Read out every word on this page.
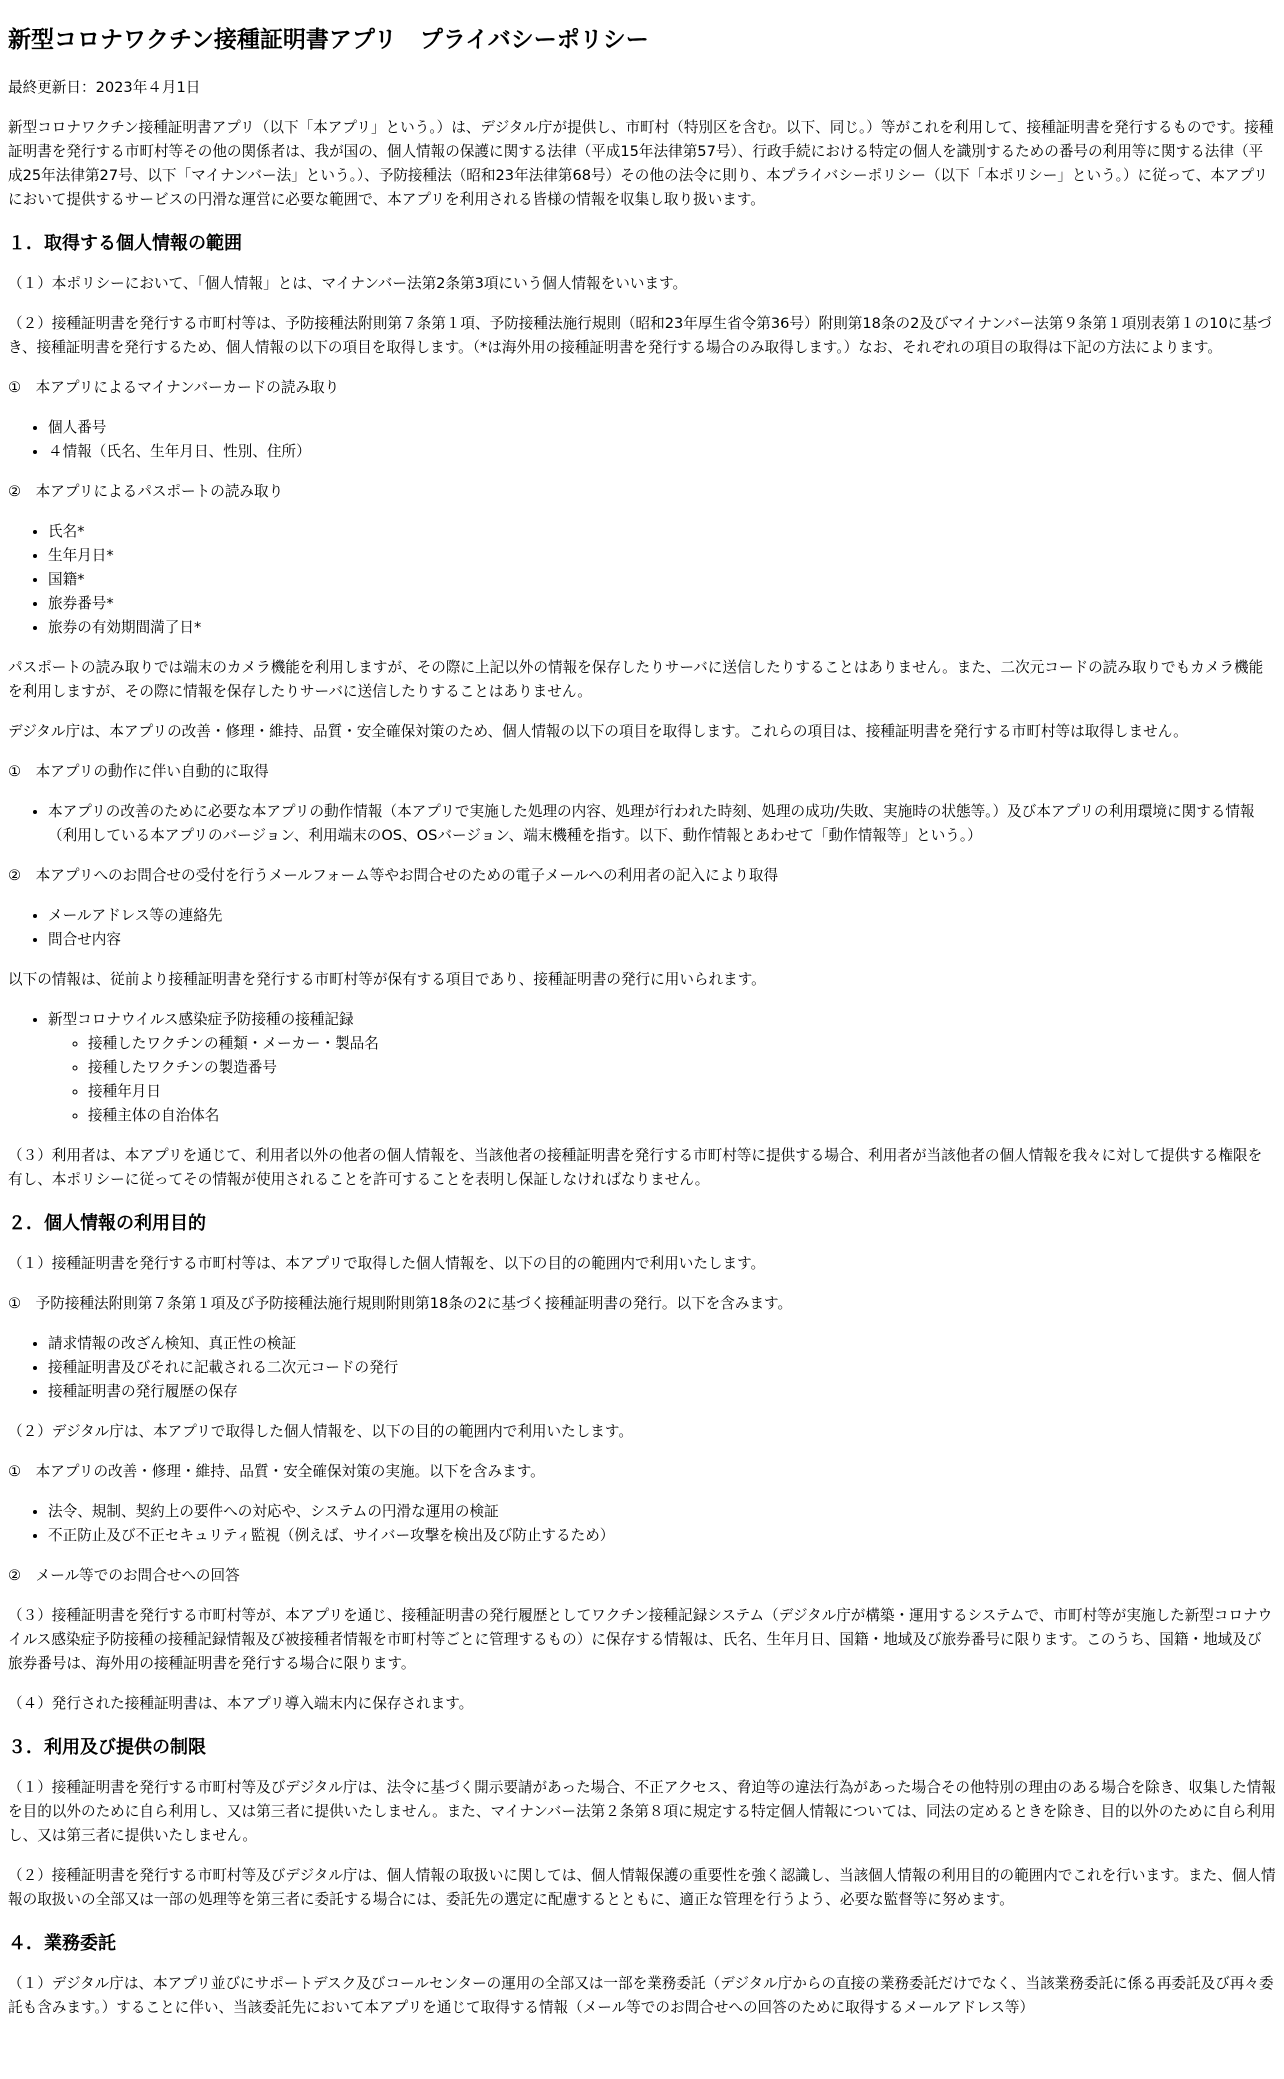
新型コロナワクチン接種証明書アプリ　プライバシーポリシー
最終更新日：2023年４月1日

新型コロナワクチン接種証明書アプリ（以下「本アプリ」という。）は、デジタル庁が提供し、市町村（特別区を含む。以下、同じ。）等がこれを利用して、接種証明書を発行するものです。接種証明書を発行する市町村等その他の関係者は、我が国の、個人情報の保護に関する法律（平成15年法律第57号）、行政手続における特定の個人を識別するための番号の利用等に関する法律（平成25年法律第27号、以下「マイナンバー法」という。）、予防接種法（昭和23年法律第68号）その他の法令に則り、本プライバシーポリシー（以下「本ポリシー」という。）に従って、本アプリにおいて提供するサービスの円滑な運営に必要な範囲で、本アプリを利用される皆様の情報を収集し取り扱います。

１．取得する個人情報の範囲

（１）本ポリシーにおいて、「個人情報」とは、マイナンバー法第2条第3項にいう個人情報をいいます。

（２）接種証明書を発行する市町村等は、予防接種法附則第７条第１項、予防接種法施行規則（昭和23年厚生省令第36号）附則第18条の2及びマイナンバー法第９条第１項別表第１の10に基づき、接種証明書を発行するため、個人情報の以下の項目を取得します。（*は海外用の接種証明書を発行する場合のみ取得します。）なお、それぞれの項目の取得は下記の方法によります。

①　本アプリによるマイナンバーカードの読み取り

• 個人番号
• ４情報（氏名、生年月日、性別、住所）

②　本アプリによるパスポートの読み取り

• 氏名*
• 生年月日*
• 国籍*
• 旅券番号*
• 旅券の有効期間満了日*

パスポートの読み取りでは端末のカメラ機能を利用しますが、その際に上記以外の情報を保存したりサーバに送信したりすることはありません。また、二次元コードの読み取りでもカメラ機能を利用しますが、その際に情報を保存したりサーバに送信したりすることはありません。

デジタル庁は、本アプリの改善・修理・維持、品質・安全確保対策のため、個人情報の以下の項目を取得します。これらの項目は、接種証明書を発行する市町村等は取得しません。

①　本アプリの動作に伴い自動的に取得

• 本アプリの改善のために必要な本アプリの動作情報（本アプリで実施した処理の内容、処理が行われた時刻、処理の成功/失敗、実施時の状態等。）及び本アプリの利用環境に関する情報（利用している本アプリのバージョン、利用端末のOS、OSバージョン、端末機種を指す。以下、動作情報とあわせて「動作情報等」という。）

②　本アプリへのお問合せの受付を行うメールフォーム等やお問合せのための電子メールへの利用者の記入により取得

• メールアドレス等の連絡先
• 問合せ内容

以下の情報は、従前より接種証明書を発行する市町村等が保有する項目であり、接種証明書の発行に用いられます。

• 新型コロナウイルス感染症予防接種の接種記録
◦ 接種したワクチンの種類・メーカー・製品名
◦ 接種したワクチンの製造番号
◦ 接種年月日
◦ 接種主体の自治体名

（３）利用者は、本アプリを通じて、利用者以外の他者の個人情報を、当該他者の接種証明書を発行する市町村等に提供する場合、利用者が当該他者の個人情報を我々に対して提供する権限を有し、本ポリシーに従ってその情報が使用されることを許可することを表明し保証しなければなりません。

２．個人情報の利用目的

（１）接種証明書を発行する市町村等は、本アプリで取得した個人情報を、以下の目的の範囲内で利用いたします。

①　予防接種法附則第７条第１項及び予防接種法施行規則附則第18条の2に基づく接種証明書の発行。以下を含みます。

• 請求情報の改ざん検知、真正性の検証
• 接種証明書及びそれに記載される二次元コードの発行
• 接種証明書の発行履歴の保存

（２）デジタル庁は、本アプリで取得した個人情報を、以下の目的の範囲内で利用いたします。

①　本アプリの改善・修理・維持、品質・安全確保対策の実施。以下を含みます。

• 法令、規制、契約上の要件への対応や、システムの円滑な運用の検証
• 不正防止及び不正セキュリティ監視（例えば、サイバー攻撃を検出及び防止するため）

②　メール等でのお問合せへの回答

（３）接種証明書を発行する市町村等が、本アプリを通じ、接種証明書の発行履歴としてワクチン接種記録システム（デジタル庁が構築・運用するシステムで、市町村等が実施した新型コロナウイルス感染症予防接種の接種記録情報及び被接種者情報を市町村等ごとに管理するもの）に保存する情報は、氏名、生年月日、国籍・地域及び旅券番号に限ります。このうち、国籍・地域及び旅券番号は、海外用の接種証明書を発行する場合に限ります。

（４）発行された接種証明書は、本アプリ導入端末内に保存されます。

３．利用及び提供の制限

（１）接種証明書を発行する市町村等及びデジタル庁は、法令に基づく開示要請があった場合、不正アクセス、脅迫等の違法行為があった場合その他特別の理由のある場合を除き、収集した情報を目的以外のために自ら利用し、又は第三者に提供いたしません。また、マイナンバー法第２条第８項に規定する特定個人情報については、同法の定めるときを除き、目的以外のために自ら利用し、又は第三者に提供いたしません。

（２）接種証明書を発行する市町村等及びデジタル庁は、個人情報の取扱いに関しては、個人情報保護の重要性を強く認識し、当該個人情報の利用目的の範囲内でこれを行います。また、個人情報の取扱いの全部又は一部の処理等を第三者に委託する場合には、委託先の選定に配慮するとともに、適正な管理を行うよう、必要な監督等に努めます。

４．業務委託

（１）デジタル庁は、本アプリ並びにサポートデスク及びコールセンターの運用の全部又は一部を業務委託（デジタル庁からの直接の業務委託だけでなく、当該業務委託に係る再委託及び再々委託も含みます。）することに伴い、当該委託先において本アプリを通じて取得する情報（メール等でのお問合せへの回答のために取得するメールアドレス等）
